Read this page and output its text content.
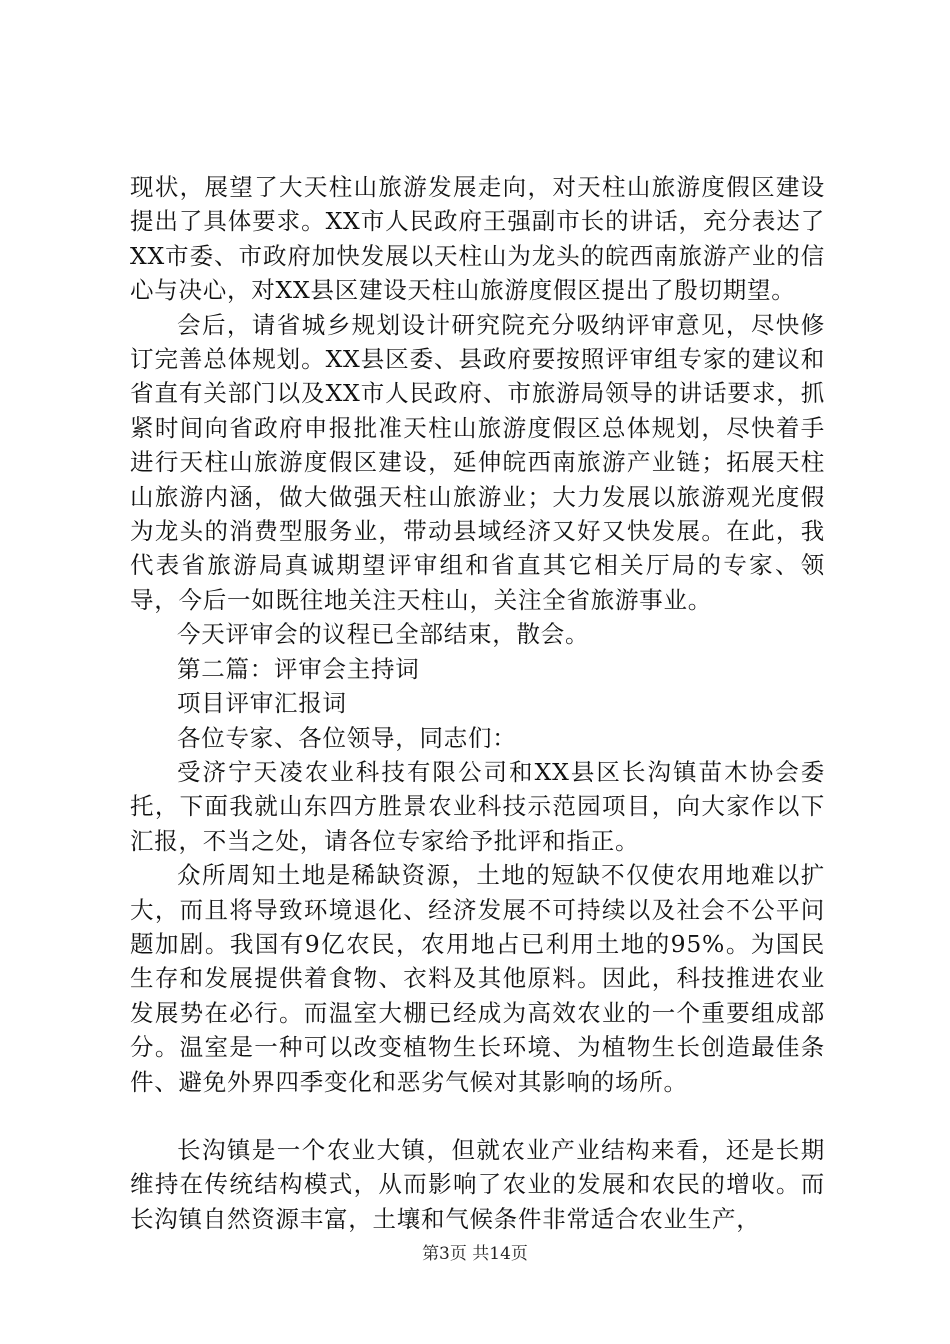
现状，展望了大天柱山旅游发展走向，对天柱山旅游度假区建设提出了具体要求。XX市人民政府王强副市长的讲话，充分表达了XX市委、市政府加快发展以天柱山为龙头的皖西南旅游产业的信心与决心，对XX县区建设天柱山旅游度假区提出了殷切期望。

会后，请省城乡规划设计研究院充分吸纳评审意见，尽快修订完善总体规划。XX县区委、县政府要按照评审组专家的建议和省直有关部门以及XX市人民政府、市旅游局领导的讲话要求，抓紧时间向省政府申报批准天柱山旅游度假区总体规划，尽快着手进行天柱山旅游度假区建设，延伸皖西南旅游产业链；拓展天柱山旅游内涵，做大做强天柱山旅游业；大力发展以旅游观光度假为龙头的消费型服务业，带动县域经济又好又快发展。在此，我代表省旅游局真诚期望评审组和省直其它相关厅局的专家、领导，今后一如既往地关注天柱山，关注全省旅游事业。

今天评审会的议程已全部结束，散会。

第二篇：评审会主持词

项目评审汇报词

各位专家、各位领导，同志们：

受济宁天凌农业科技有限公司和XX县区长沟镇苗木协会委托，下面我就山东四方胜景农业科技示范园项目，向大家作以下汇报，不当之处，请各位专家给予批评和指正。

众所周知土地是稀缺资源，土地的短缺不仅使农用地难以扩大，而且将导致环境退化、经济发展不可持续以及社会不公平问题加剧。我国有9亿农民，农用地占已利用土地的95%。为国民生存和发展提供着食物、衣料及其他原料。因此，科技推进农业发展势在必行。而温室大棚已经成为高效农业的一个重要组成部分。温室是一种可以改变植物生长环境、为植物生长创造最佳条件、避免外界四季变化和恶劣气候对其影响的场所。

长沟镇是一个农业大镇，但就农业产业结构来看，还是长期维持在传统结构模式，从而影响了农业的发展和农民的增收。而长沟镇自然资源丰富，土壤和气候条件非常适合农业生产，

第3页 共14页
